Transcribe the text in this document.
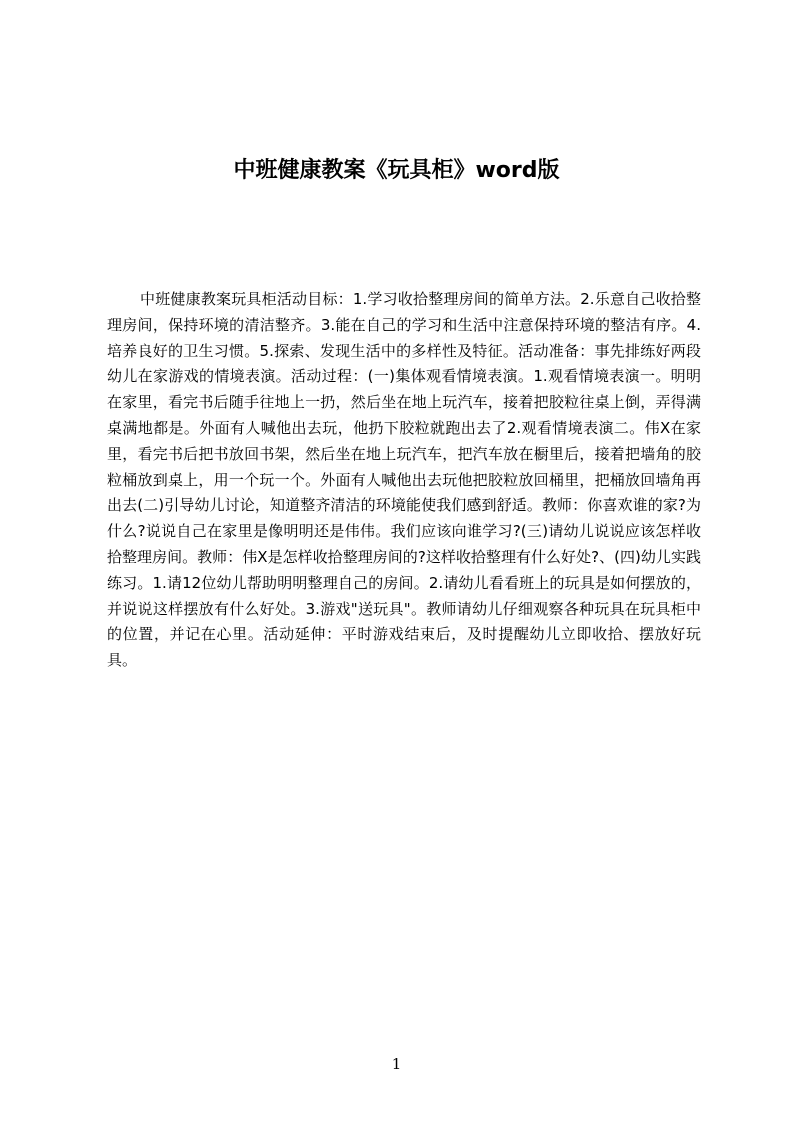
中班健康教案《玩具柜》word版

中班健康教案玩具柜活动目标：1.学习收拾整理房间的简单方法。2.乐意自己收拾整理房间，保持环境的清洁整齐。3.能在自己的学习和生活中注意保持环境的整洁有序。4.培养良好的卫生习惯。5.探索、发现生活中的多样性及特征。活动准备：事先排练好两段幼儿在家游戏的情境表演。活动过程：(一)集体观看情境表演。1.观看情境表演一。明明在家里，看完书后随手往地上一扔，然后坐在地上玩汽车，接着把胶粒往桌上倒，弄得满桌满地都是。外面有人喊他出去玩，他扔下胶粒就跑出去了2.观看情境表演二。伟X在家里，看完书后把书放回书架，然后坐在地上玩汽车，把汽车放在橱里后，接着把墙角的胶粒桶放到桌上，用一个玩一个。外面有人喊他出去玩他把胶粒放回桶里，把桶放回墙角再出去(二)引导幼儿讨论，知道整齐清洁的环境能使我们感到舒适。教师：你喜欢谁的家?为什么?说说自己在家里是像明明还是伟伟。我们应该向谁学习?(三)请幼儿说说应该怎样收拾整理房间。教师：伟X是怎样收拾整理房间的?这样收拾整理有什么好处?、(四)幼儿实践练习。1.请12位幼儿帮助明明整理自己的房间。2.请幼儿看看班上的玩具是如何摆放的，并说说这样摆放有什么好处。3.游戏"送玩具"。教师请幼儿仔细观察各种玩具在玩具柜中的位置，并记在心里。活动延伸：平时游戏结束后，及时提醒幼儿立即收拾、摆放好玩具。

1
